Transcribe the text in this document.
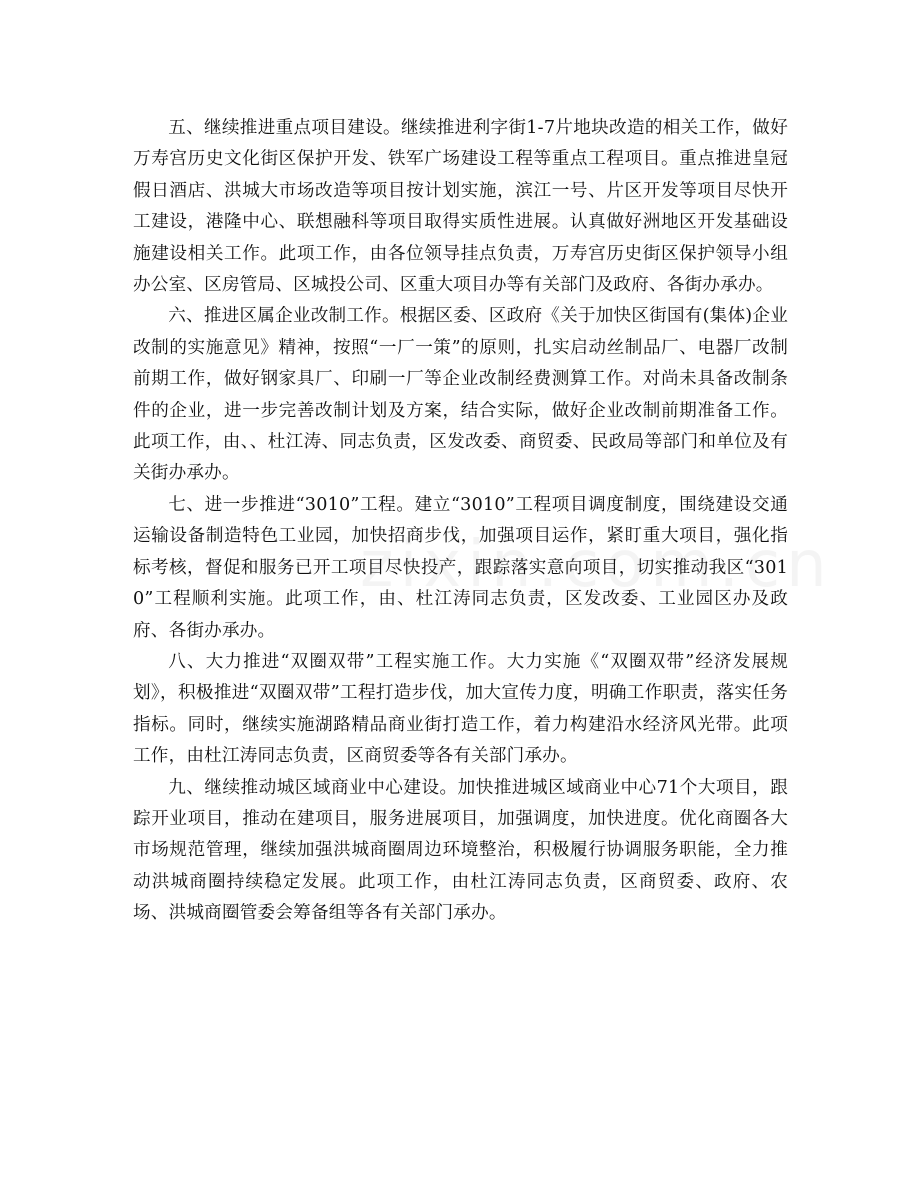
五、继续推进重点项目建设。继续推进利字街1-7片地块改造的相关工作，做好万寿宫历史文化街区保护开发、铁军广场建设工程等重点工程项目。重点推进皇冠假日酒店、洪城大市场改造等项目按计划实施，滨江一号、片区开发等项目尽快开工建设，港隆中心、联想融科等项目取得实质性进展。认真做好洲地区开发基础设施建设相关工作。此项工作，由各位领导挂点负责，万寿宫历史街区保护领导小组办公室、区房管局、区城投公司、区重大项目办等有关部门及政府、各街办承办。

六、推进区属企业改制工作。根据区委、区政府《关于加快区街国有(集体)企业改制的实施意见》精神，按照“一厂一策”的原则，扎实启动丝制品厂、电器厂改制前期工作，做好钢家具厂、印刷一厂等企业改制经费测算工作。对尚未具备改制条件的企业，进一步完善改制计划及方案，结合实际，做好企业改制前期准备工作。此项工作，由、、杜江涛、同志负责，区发改委、商贸委、民政局等部门和单位及有关街办承办。

七、进一步推进“3010”工程。建立“3010”工程项目调度制度，围绕建设交通运输设备制造特色工业园，加快招商步伐，加强项目运作，紧盯重大项目，强化指标考核，督促和服务已开工项目尽快投产，跟踪落实意向项目，切实推动我区“3010”工程顺利实施。此项工作，由、杜江涛同志负责，区发改委、工业园区办及政府、各街办承办。

八、大力推进“双圈双带”工程实施工作。大力实施《“双圈双带”经济发展规划》，积极推进“双圈双带”工程打造步伐，加大宣传力度，明确工作职责，落实任务指标。同时，继续实施湖路精品商业街打造工作，着力构建沿水经济风光带。此项工作，由杜江涛同志负责，区商贸委等各有关部门承办。

九、继续推动城区域商业中心建设。加快推进城区域商业中心71个大项目，跟踪开业项目，推动在建项目，服务进展项目，加强调度，加快进度。优化商圈各大市场规范管理，继续加强洪城商圈周边环境整治，积极履行协调服务职能，全力推动洪城商圈持续稳定发展。此项工作，由杜江涛同志负责，区商贸委、政府、农场、洪城商圈管委会筹备组等各有关部门承办。
